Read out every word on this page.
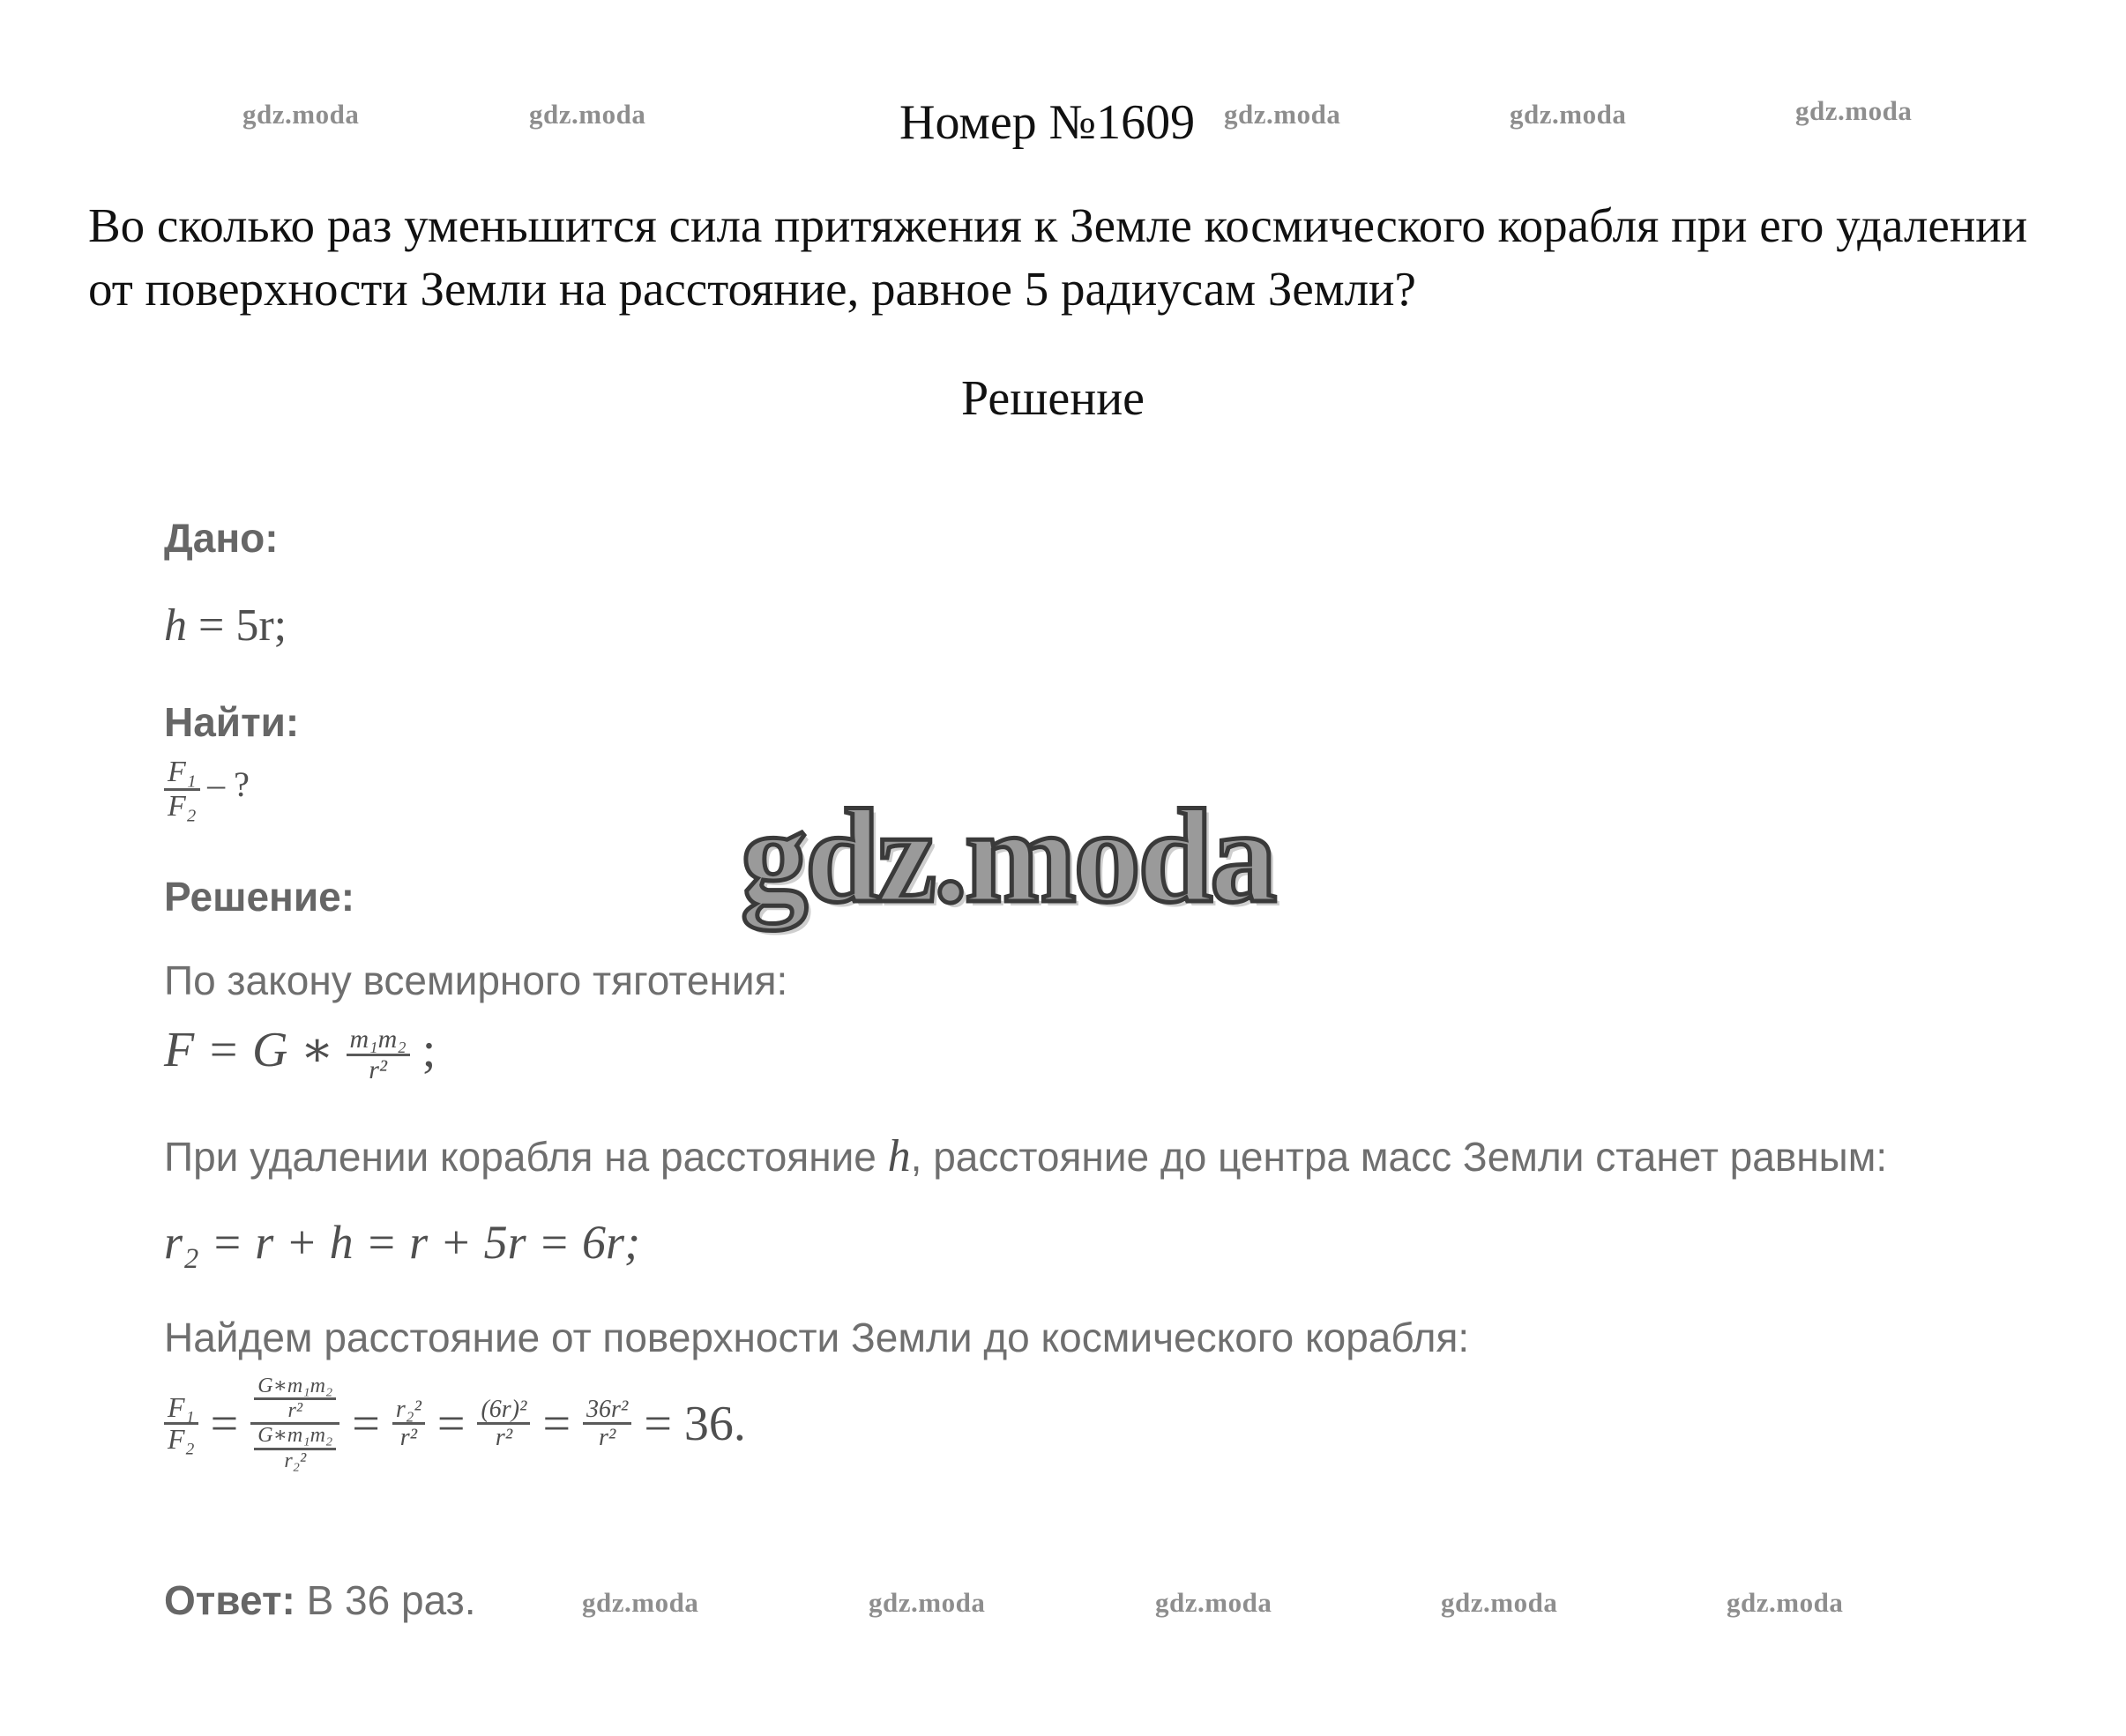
gdz.moda	gdz.moda	gdz.moda	gdz.moda	gdz.moda
Номер №1609
Во сколько раз уменьшится сила притяжения к Земле космического корабля при его удалении от поверхности Земли на расстояние, равное 5 радиусам Земли?
Решение
Дано:
h = 5r;
Найти:
$\frac{\text{F₁}}{\text{F₂}}$ – ?
Решение:
По закону всемирного тяготения:
F = G ∗ $\frac{\text{m₁m₂}}{\text{r²}}$ ;
При удалении корабля на расстояние h, расстояние до центра масс Земли станет равным:
r₂ = r + h = r + 5r = 6r;
Найдем расстояние от поверхности Земли до космического корабля:
$\frac{\text{F₁}}{\text{F₂}} = \frac{\frac{\text{G∗m₁m₂}}{\text{r²}}}{\frac{\text{G∗m₁m₂}}{\text{r₂²}}} = \frac{\text{r₂²}}{\text{r²}} = \frac{\text{(6r)²}}{\text{r²}} = \frac{\text{36r²}}{\text{r²}} = 36$.
Ответ: В 36 раз.	gdz.moda	gdz.moda	gdz.moda	gdz.moda	gdz.moda
gdz.moda
